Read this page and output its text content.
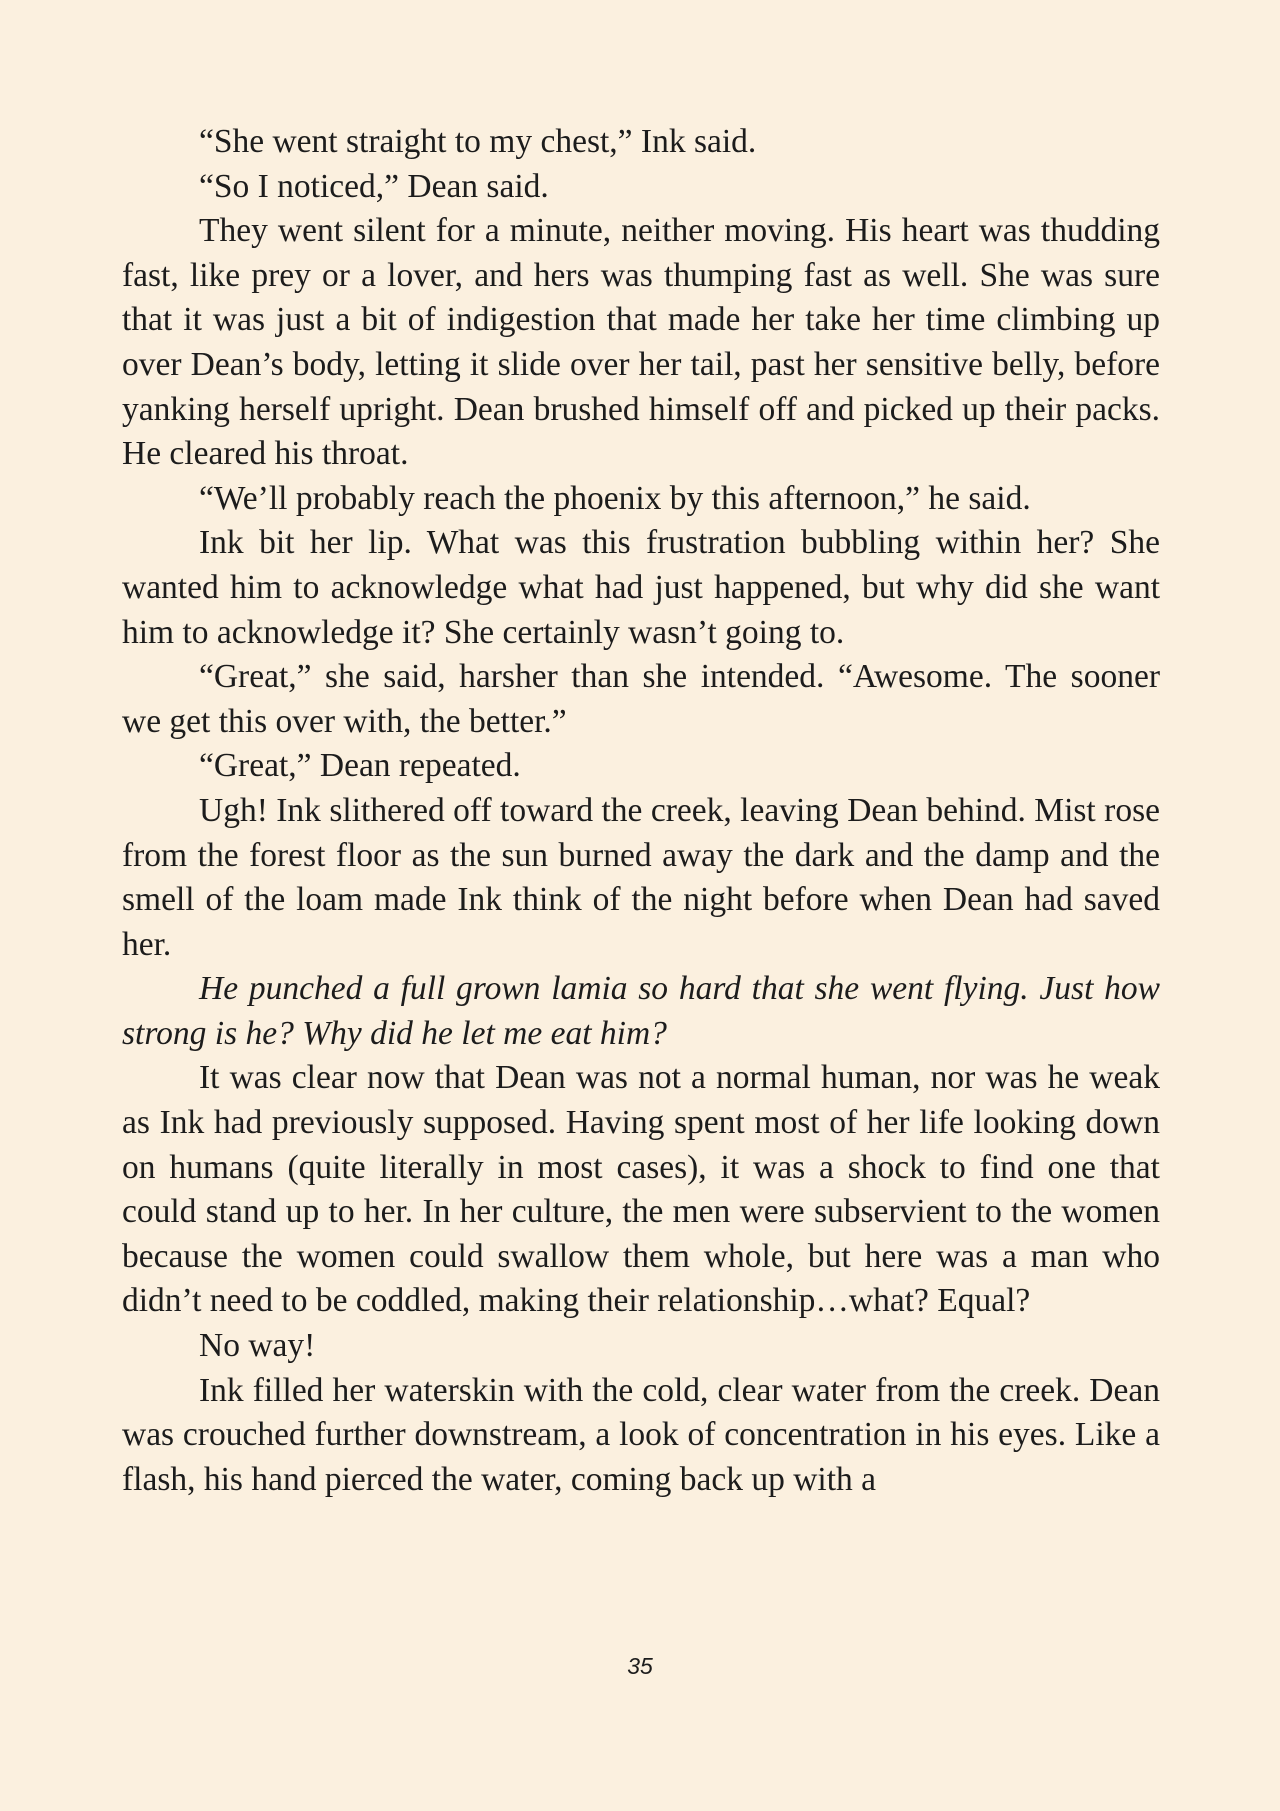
“She went straight to my chest,” Ink said.

“So I noticed,” Dean said.

They went silent for a minute, neither moving. His heart was thudding fast, like prey or a lover, and hers was thumping fast as well. She was sure that it was just a bit of indigestion that made her take her time climbing up over Dean’s body, letting it slide over her tail, past her sensitive belly, before yanking herself upright. Dean brushed himself off and picked up their packs. He cleared his throat.

“We’ll probably reach the phoenix by this afternoon,” he said.

Ink bit her lip. What was this frustration bubbling within her? She wanted him to acknowledge what had just happened, but why did she want him to acknowledge it? She certainly wasn’t going to.

“Great,” she said, harsher than she intended. “Awesome. The sooner we get this over with, the better.”

“Great,” Dean repeated.

Ugh! Ink slithered off toward the creek, leaving Dean behind. Mist rose from the forest floor as the sun burned away the dark and the damp and the smell of the loam made Ink think of the night before when Dean had saved her.

He punched a full grown lamia so hard that she went flying. Just how strong is he? Why did he let me eat him?

It was clear now that Dean was not a normal human, nor was he weak as Ink had previously supposed. Having spent most of her life looking down on humans (quite literally in most cases), it was a shock to find one that could stand up to her. In her culture, the men were subservient to the women because the women could swallow them whole, but here was a man who didn’t need to be coddled, making their relationship…what? Equal?

No way!

Ink filled her waterskin with the cold, clear water from the creek. Dean was crouched further downstream, a look of concentration in his eyes. Like a flash, his hand pierced the water, coming back up with a

35
